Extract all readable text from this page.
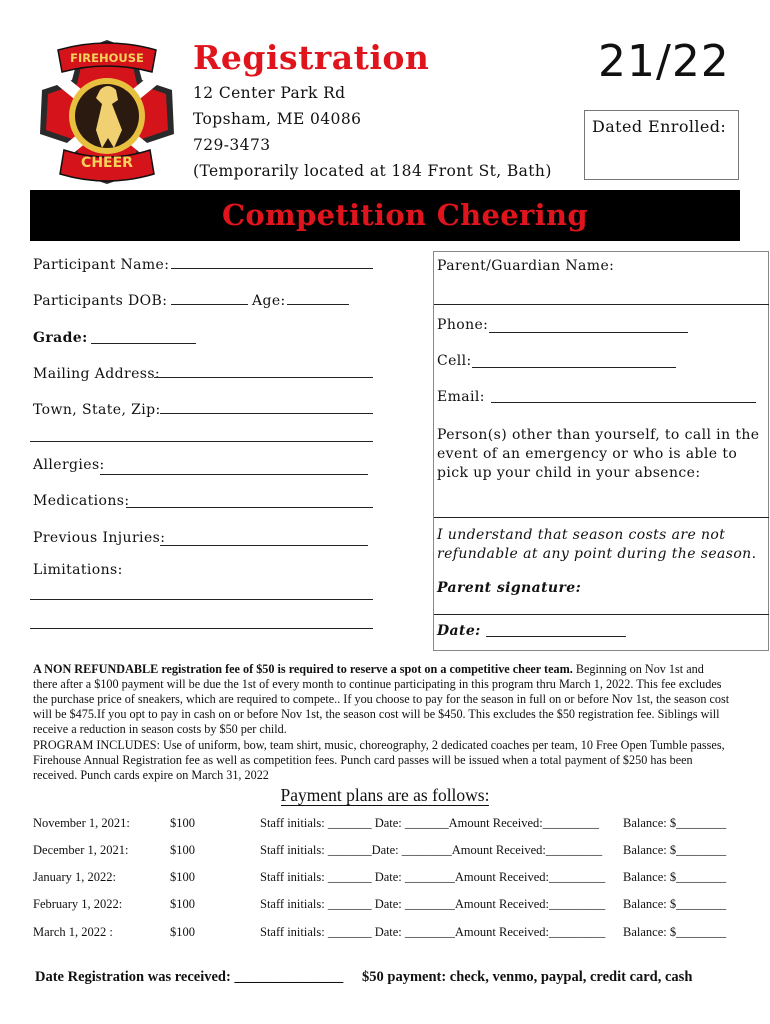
FIREHOUSE
CHEER
Registration
12 Center Park Rd
Topsham, ME 04086
729-3473
(Temporarily located at 184 Front St, Bath)
21/22
Dated Enrolled:
Competition Cheering
Participant Name:
Participants DOB:	Age:
Grade:
Mailing Address:
Town, State, Zip:
Allergies:
Medications:
Previous Injuries:
Limitations:
Parent/Guardian Name:
Phone:
Cell:
Email:
Person(s) other than yourself, to call in the event of an emergency or who is able to pick up your child in your absence:
I understand that season costs are not refundable at any point during the season.
Parent signature:
Date:
A NON REFUNDABLE registration fee of $50 is required to reserve a spot on a competitive cheer team. Beginning on Nov 1st and there after a $100 payment will be due the 1st of every month to continue participating in this program thru March 1, 2022. This fee excludes the purchase price of sneakers, which are required to compete.. If you choose to pay for the season in full on or before Nov 1st, the season cost will be $475.If you opt to pay in cash on or before Nov 1st, the season cost will be $450. This excludes the $50 registration fee. Siblings will receive a reduction in season costs by $50 per child.
PROGRAM INCLUDES: Use of uniform, bow, team shirt, music, choreography, 2 dedicated coaches per team, 10 Free Open Tumble passes, Firehouse Annual Registration fee as well as competition fees. Punch card passes will be issued when a total payment of $250 has been received. Punch cards expire on March 31, 2022
Payment plans are as follows:
November 1, 2021:	$100	Staff initials: _______ Date: _______Amount Received:_________ Balance: $________
December 1, 2021:	$100	Staff initials: _______Date: ________Amount Received:_________ Balance: $________
January 1, 2022:	$100	Staff initials: _______ Date: ________Amount Received:_________ Balance: $________
February 1, 2022:	$100	Staff initials: _______ Date: ________Amount Received:_________ Balance: $________
March 1, 2022 :	$100	Staff initials: _______ Date: ________Amount Received:_________ Balance: $________
Date Registration was received: _______________ $50 payment: check, venmo, paypal, credit card, cash
